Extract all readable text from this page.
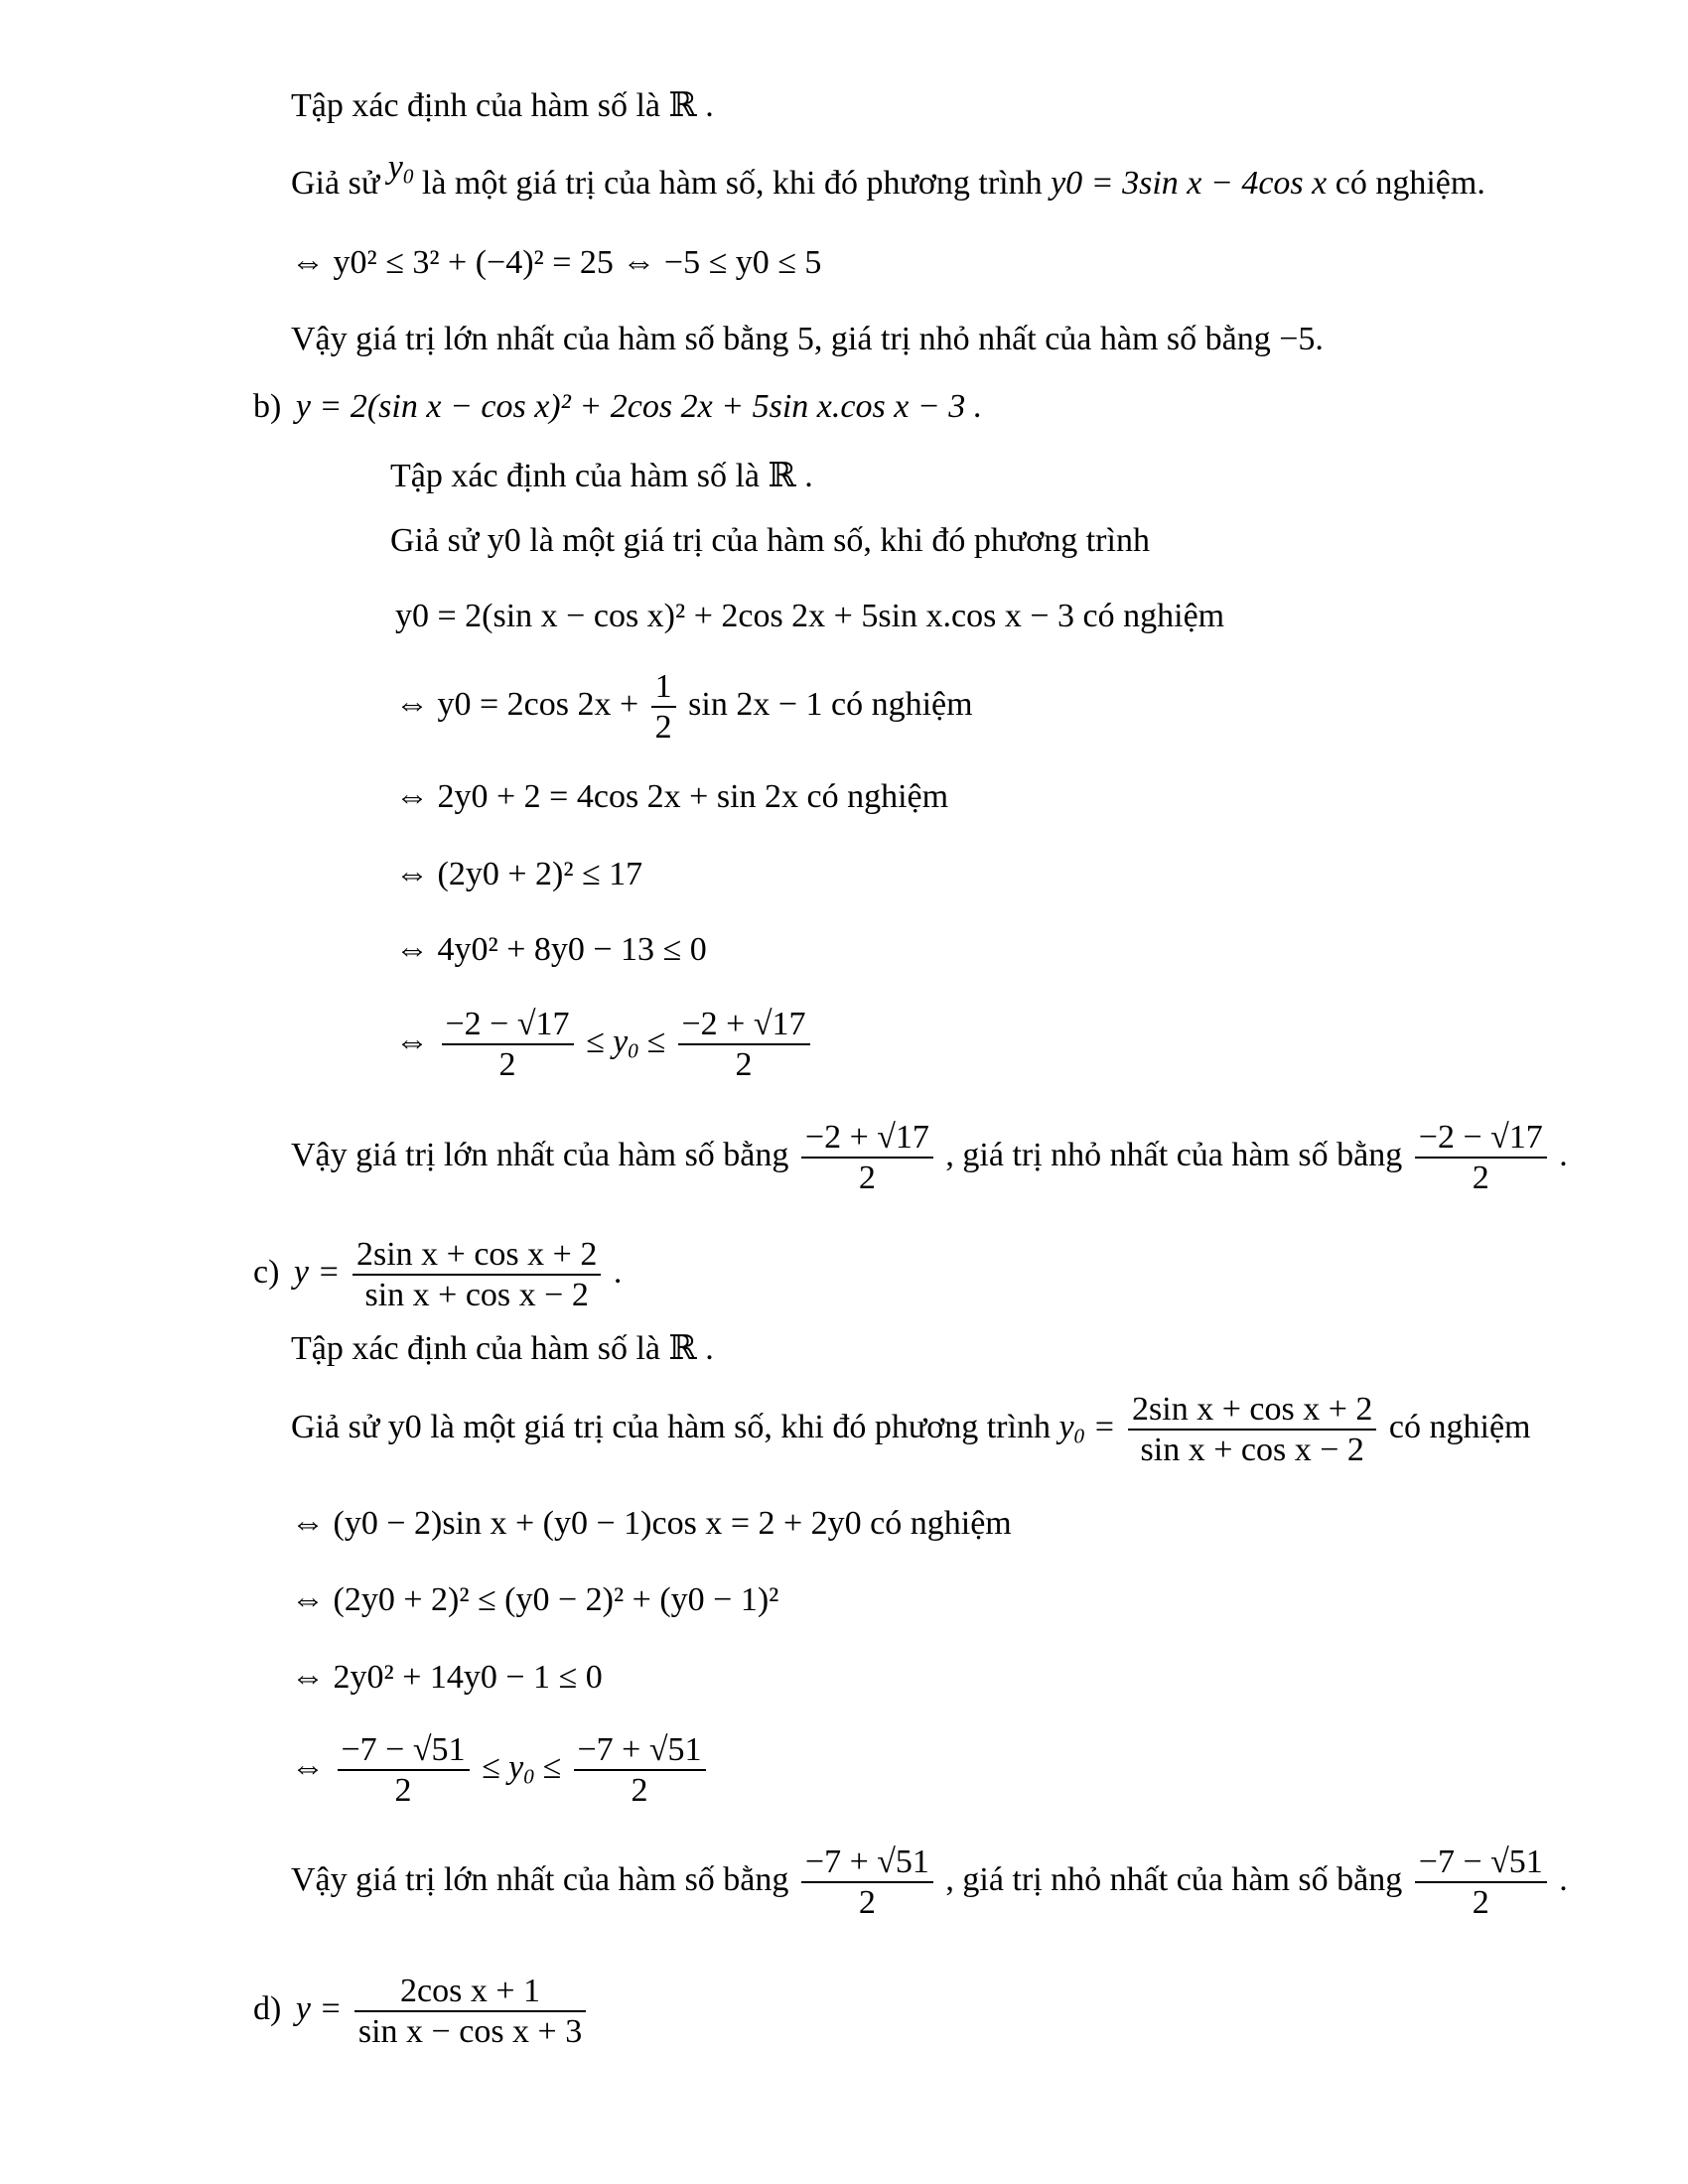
Tập xác định của hàm số là ℝ .
Giả sử $y_0$ là một giá trị của hàm số, khi đó phương trình y0 = 3sin x − 4cos x có nghiệm.
⇔ y0² ≤ 3² + (−4)² = 25 ⇔ −5 ≤ y0 ≤ 5
Vậy giá trị lớn nhất của hàm số bằng 5, giá trị nhỏ nhất của hàm số bằng −5.
b) y = 2(sin x − cos x)² + 2cos 2x + 5sin x.cos x − 3 .
Tập xác định của hàm số là ℝ .
Giả sử y0 là một giá trị của hàm số, khi đó phương trình
y0 = 2(sin x − cos x)² + 2cos 2x + 5sin x.cos x − 3 có nghiệm
⇔ y0 = 2cos $2x + \frac{1}{2}$ sin 2x − 1 có nghiệm
⇔ 2y0 + 2 = 4cos 2x + sin 2x có nghiệm
⇔ (2y0 + 2)² ≤ 17
⇔ 4y0² + 8y0 − 13 ≤ 0
⇔ $\frac{-2 - √17}{2} \le y_0 \le \frac{-2 + √17}{2}$
Vậy giá trị lớn nhất của hàm số bằng $\frac{-2 + √17}{2}$ , giá trị nhỏ nhất của hàm số bằng $\frac{-2 - √17}{2}$ .
c) $y = \frac{\text{2sin x + cos x + 2}}{\text{sin x + cos x − 2}}$ .
Tập xác định của hàm số là ℝ .
Giả sử y0 là một giá trị của hàm số, khi đó phương trình $y_0 = \frac{\text{2sin x + cos x + 2}}{\text{sin x + cos x − 2}}$ có nghiệm
⇔ (y0 − 2)sin x + (y0 − 1)cos x = 2 + 2y0 có nghiệm
⇔ (2y0 + 2)² ≤ (y0 − 2)² + (y0 − 1)²
⇔ 2y0² + 14y0 − 1 ≤ 0
⇔ $\frac{-7 - √51}{2} \le y_0 \le \frac{-7 + √51}{2}$
Vậy giá trị lớn nhất của hàm số bằng $\frac{-7 + √51}{2}$ , giá trị nhỏ nhất của hàm số bằng $\frac{-7 - √51}{2}$ .
d) $y = \frac{\text{2cos x + 1}}{\text{sin x − cos x + 3}}$
